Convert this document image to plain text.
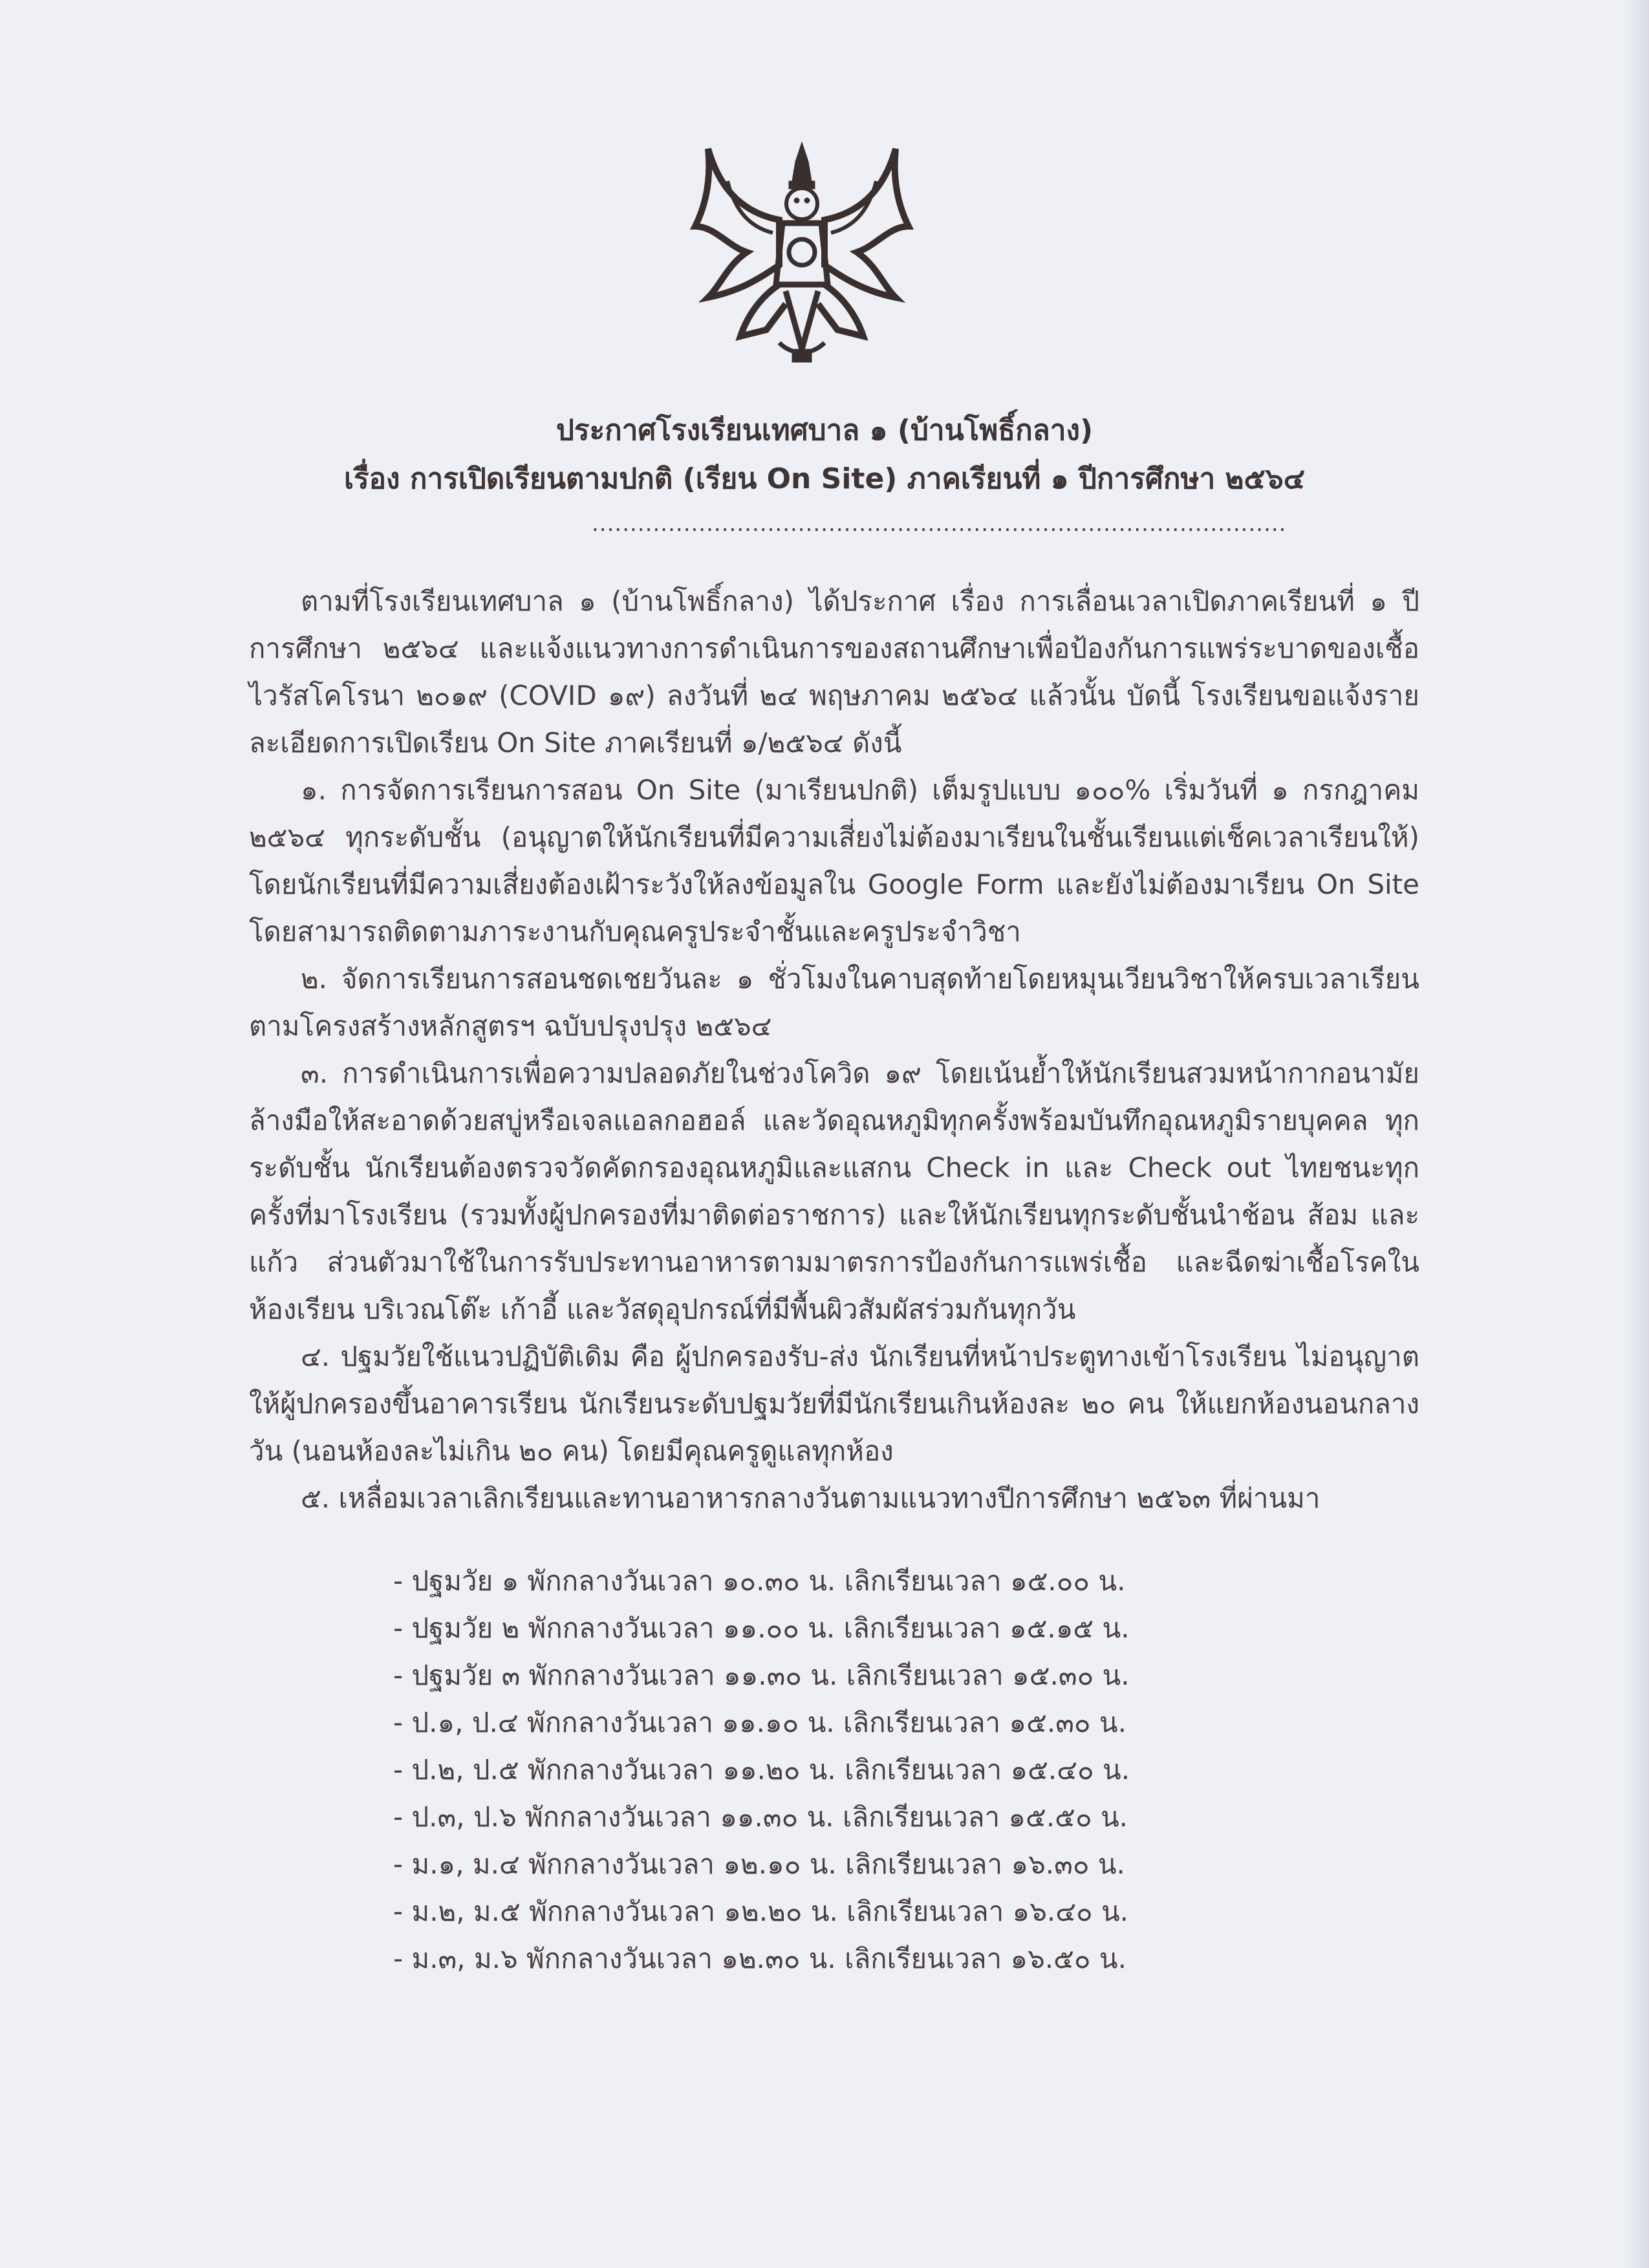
ประกาศโรงเรียนเทศบาล ๑ (บ้านโพธิ์กลาง)
เรื่อง การเปิดเรียนตามปกติ (เรียน On Site) ภาคเรียนที่ ๑ ปีการศึกษา ๒๕๖๔
...........................................................................................

ตามที่โรงเรียนเทศบาล ๑ (บ้านโพธิ์กลาง) ได้ประกาศ เรื่อง การเลื่อนเวลาเปิดภาคเรียนที่ ๑ ปีการศึกษา ๒๕๖๔ และแจ้งแนวทางการดำเนินการของสถานศึกษาเพื่อป้องกันการแพร่ระบาดของเชื้อไวรัสโคโรนา ๒๐๑๙ (COVID ๑๙) ลงวันที่ ๒๔ พฤษภาคม ๒๕๖๔ แล้วนั้น บัดนี้ โรงเรียนขอแจ้งรายละเอียดการเปิดเรียน On Site ภาคเรียนที่ ๑/๒๕๖๔ ดังนี้

๑. การจัดการเรียนการสอน On Site (มาเรียนปกติ) เต็มรูปแบบ ๑๐๐% เริ่มวันที่ ๑ กรกฎาคม ๒๕๖๔ ทุกระดับชั้น (อนุญาตให้นักเรียนที่มีความเสี่ยงไม่ต้องมาเรียนในชั้นเรียนแต่เช็คเวลาเรียนให้) โดยนักเรียนที่มีความเสี่ยงต้องเฝ้าระวังให้ลงข้อมูลใน Google Form และยังไม่ต้องมาเรียน On Site โดยสามารถติดตามภาระงานกับคุณครูประจำชั้นและครูประจำวิชา

๒. จัดการเรียนการสอนชดเชยวันละ ๑ ชั่วโมงในคาบสุดท้ายโดยหมุนเวียนวิชาให้ครบเวลาเรียนตามโครงสร้างหลักสูตรฯ ฉบับปรุงปรุง ๒๕๖๔

๓. การดำเนินการเพื่อความปลอดภัยในช่วงโควิด ๑๙ โดยเน้นย้ำให้นักเรียนสวมหน้ากากอนามัย ล้างมือให้สะอาดด้วยสบู่หรือเจลแอลกอฮอล์ และวัดอุณหภูมิทุกครั้งพร้อมบันทึกอุณหภูมิรายบุคคล ทุกระดับชั้น นักเรียนต้องตรวจวัดคัดกรองอุณหภูมิและแสกน Check in และ Check out ไทยชนะทุกครั้งที่มาโรงเรียน (รวมทั้งผู้ปกครองที่มาติดต่อราชการ) และให้นักเรียนทุกระดับชั้นนำช้อน ส้อม และแก้ว ส่วนตัวมาใช้ในการรับประทานอาหารตามมาตรการป้องกันการแพร่เชื้อ และฉีดฆ่าเชื้อโรคในห้องเรียน บริเวณโต๊ะ เก้าอี้ และวัสดุอุปกรณ์ที่มีพื้นผิวสัมผัสร่วมกันทุกวัน

๔. ปฐมวัยใช้แนวปฏิบัติเดิม คือ ผู้ปกครองรับ-ส่ง นักเรียนที่หน้าประตูทางเข้าโรงเรียน ไม่อนุญาตให้ผู้ปกครองขึ้นอาคารเรียน นักเรียนระดับปฐมวัยที่มีนักเรียนเกินห้องละ ๒๐ คน ให้แยกห้องนอนกลางวัน (นอนห้องละไม่เกิน ๒๐ คน) โดยมีคุณครูดูแลทุกห้อง

๕. เหลื่อมเวลาเลิกเรียนและทานอาหารกลางวันตามแนวทางปีการศึกษา ๒๕๖๓ ที่ผ่านมา

- ปฐมวัย ๑ พักกลางวันเวลา ๑๐.๓๐ น. เลิกเรียนเวลา ๑๕.๐๐ น.
- ปฐมวัย ๒ พักกลางวันเวลา ๑๑.๐๐ น. เลิกเรียนเวลา ๑๕.๑๕ น.
- ปฐมวัย ๓ พักกลางวันเวลา ๑๑.๓๐ น. เลิกเรียนเวลา ๑๕.๓๐ น.
- ป.๑, ป.๔ พักกลางวันเวลา ๑๑.๑๐ น. เลิกเรียนเวลา ๑๕.๓๐ น.
- ป.๒, ป.๕ พักกลางวันเวลา ๑๑.๒๐ น. เลิกเรียนเวลา ๑๕.๔๐ น.
- ป.๓, ป.๖ พักกลางวันเวลา ๑๑.๓๐ น. เลิกเรียนเวลา ๑๕.๕๐ น.
- ม.๑, ม.๔ พักกลางวันเวลา ๑๒.๑๐ น. เลิกเรียนเวลา ๑๖.๓๐ น.
- ม.๒, ม.๕ พักกลางวันเวลา ๑๒.๒๐ น. เลิกเรียนเวลา ๑๖.๔๐ น.
- ม.๓, ม.๖ พักกลางวันเวลา ๑๒.๓๐ น. เลิกเรียนเวลา ๑๖.๕๐ น.
